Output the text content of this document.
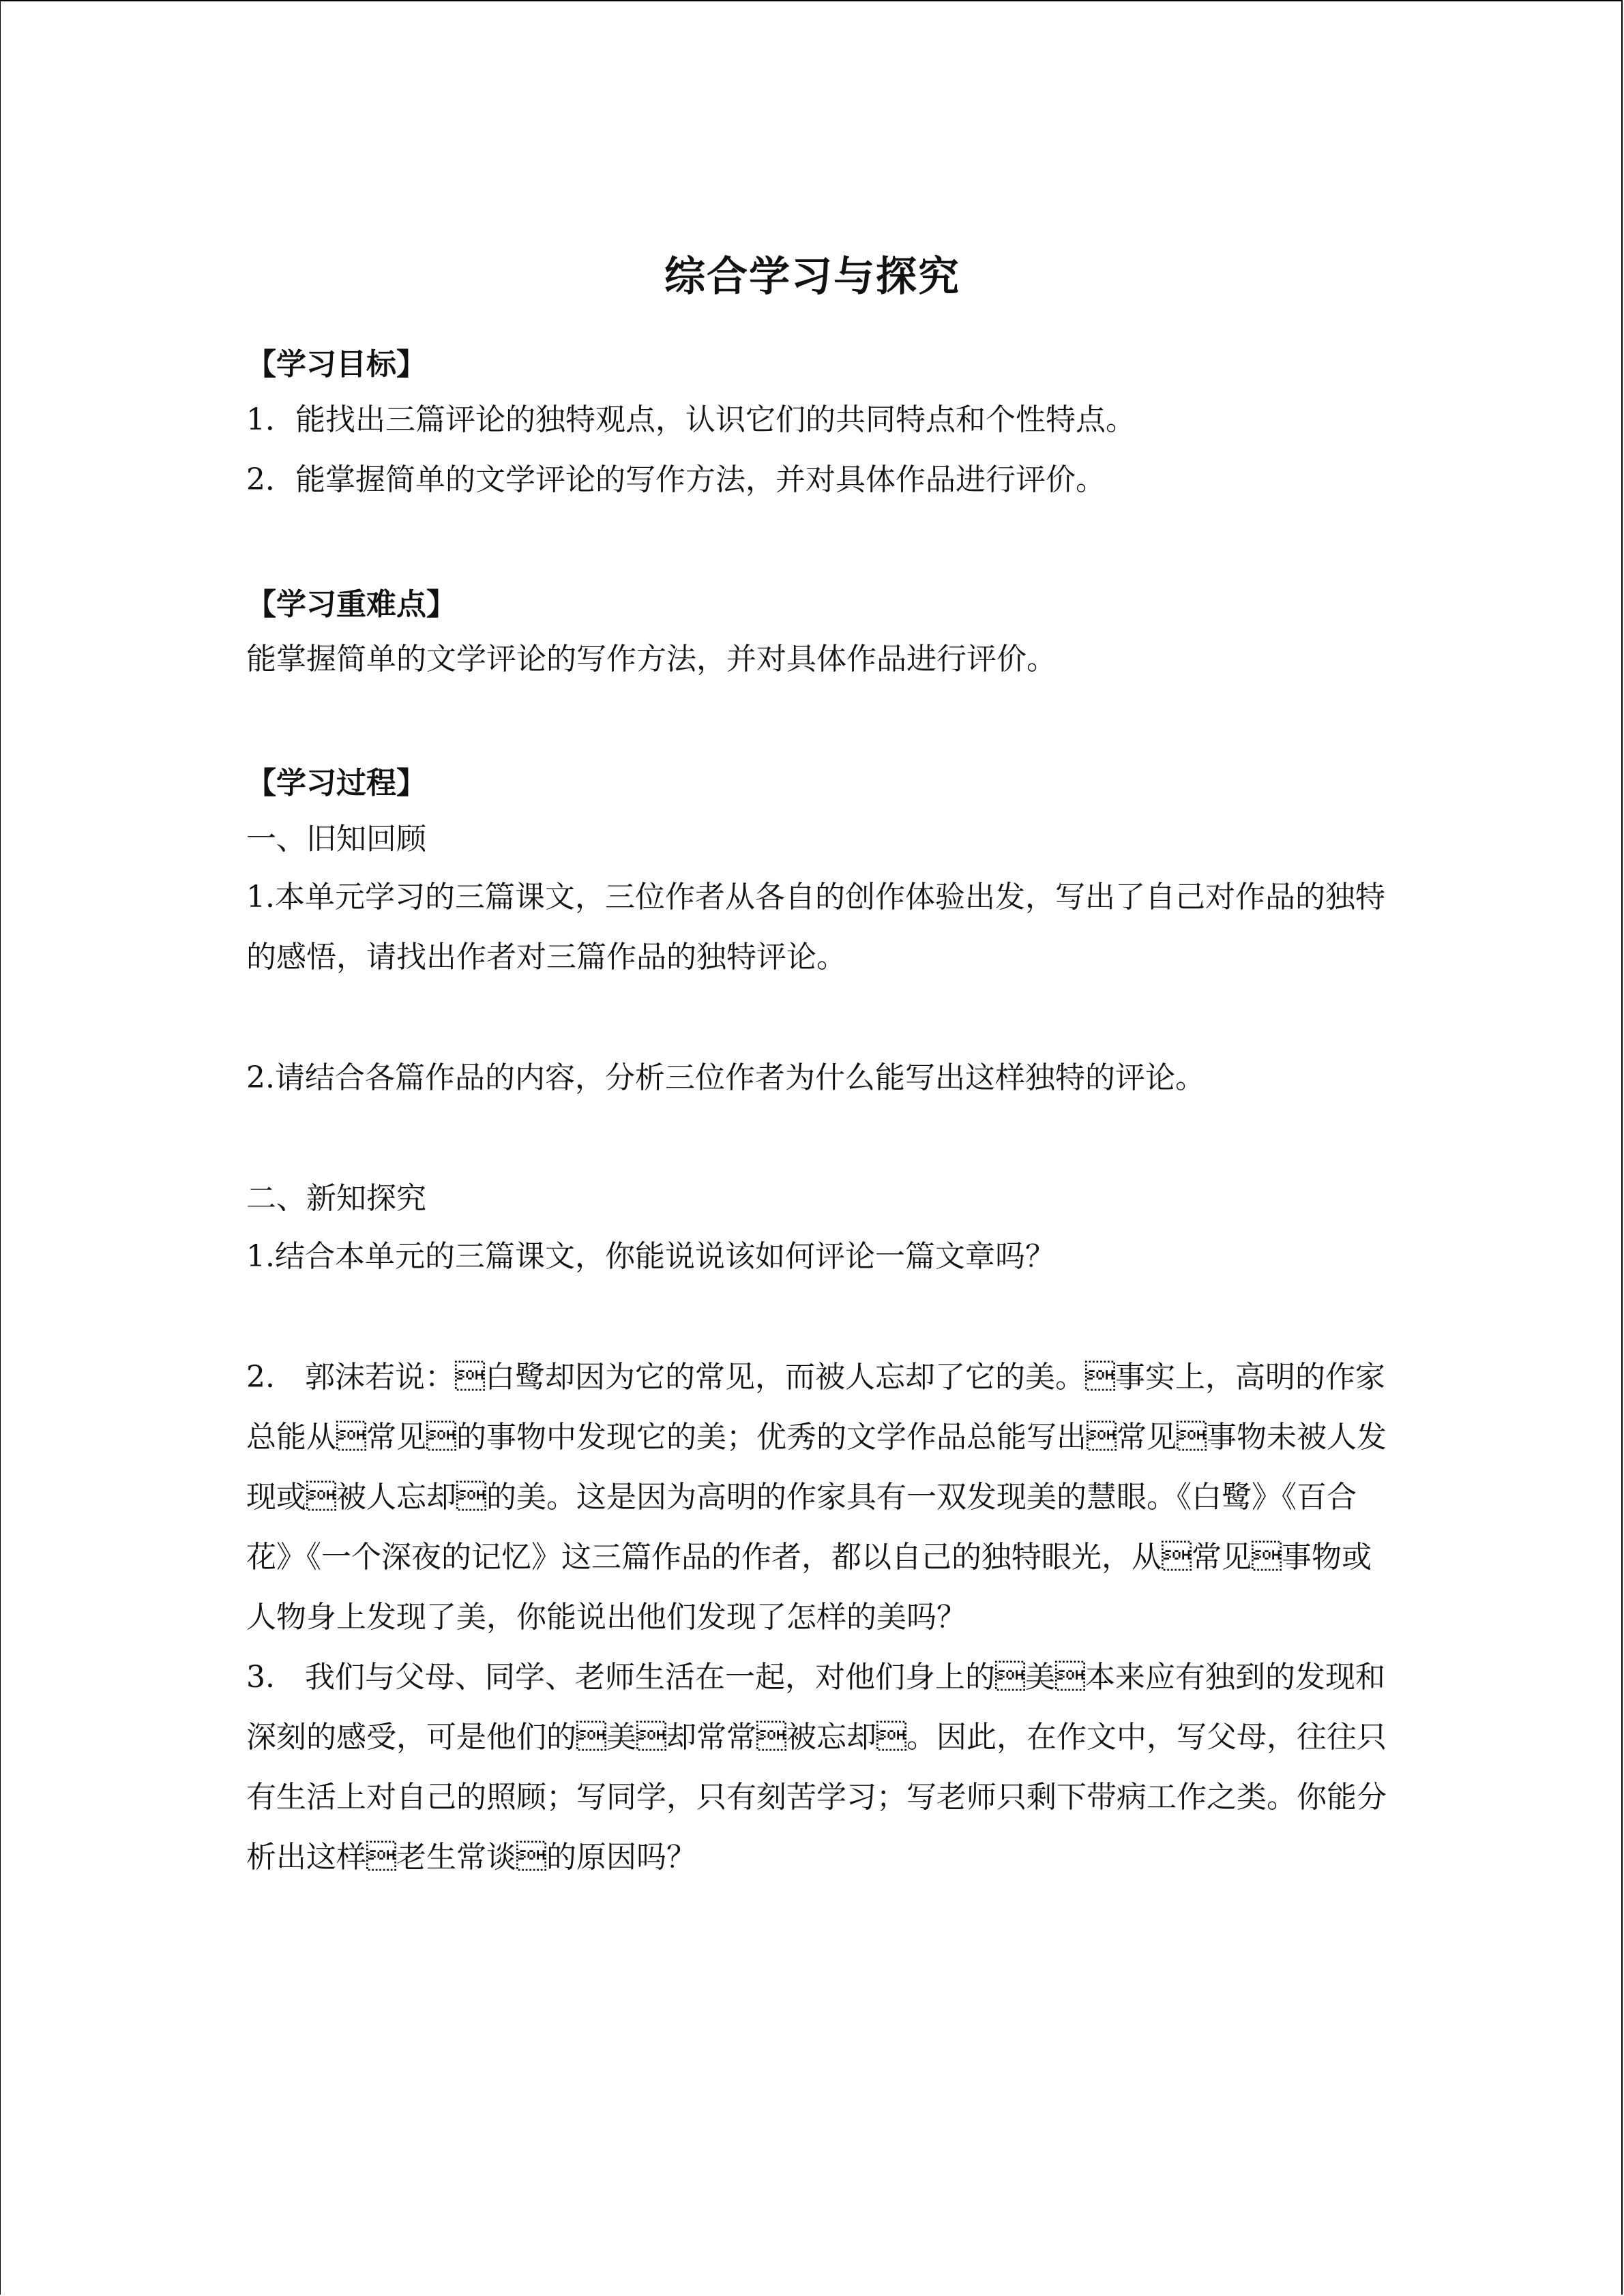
综合学习与探究
【学习目标】
1．能找出三篇评论的独特观点，认识它们的共同特点和个性特点。
2．能掌握简单的文学评论的写作方法，并对具体作品进行评价。
【学习重难点】
能掌握简单的文学评论的写作方法，并对具体作品进行评价。
【学习过程】
一、旧知回顾
1.本单元学习的三篇课文，三位作者从各自的创作体验出发，写出了自己对作品的独特的感悟，请找出作者对三篇作品的独特评论。
2.请结合各篇作品的内容，分析三位作者为什么能写出这样独特的评论。
二、新知探究
1.结合本单元的三篇课文，你能说说该如何评论一篇文章吗？
2.　郭沫若说：白鹭却因为它的常见，而被人忘却了它的美。事实上，高明的作家总能从常见的事物中发现它的美；优秀的文学作品总能写出常见事物未被人发现或被人忘却的美。这是因为高明的作家具有一双发现美的慧眼。《白鹭》《百合花》《一个深夜的记忆》这三篇作品的作者，都以自己的独特眼光，从常见事物或人物身上发现了美，你能说出他们发现了怎样的美吗？
3.　我们与父母、同学、老师生活在一起，对他们身上的美本来应有独到的发现和深刻的感受，可是他们的美却常常被忘却。因此，在作文中，写父母，往往只有生活上对自己的照顾；写同学，只有刻苦学习；写老师只剩下带病工作之类。你能分析出这样老生常谈的原因吗？
